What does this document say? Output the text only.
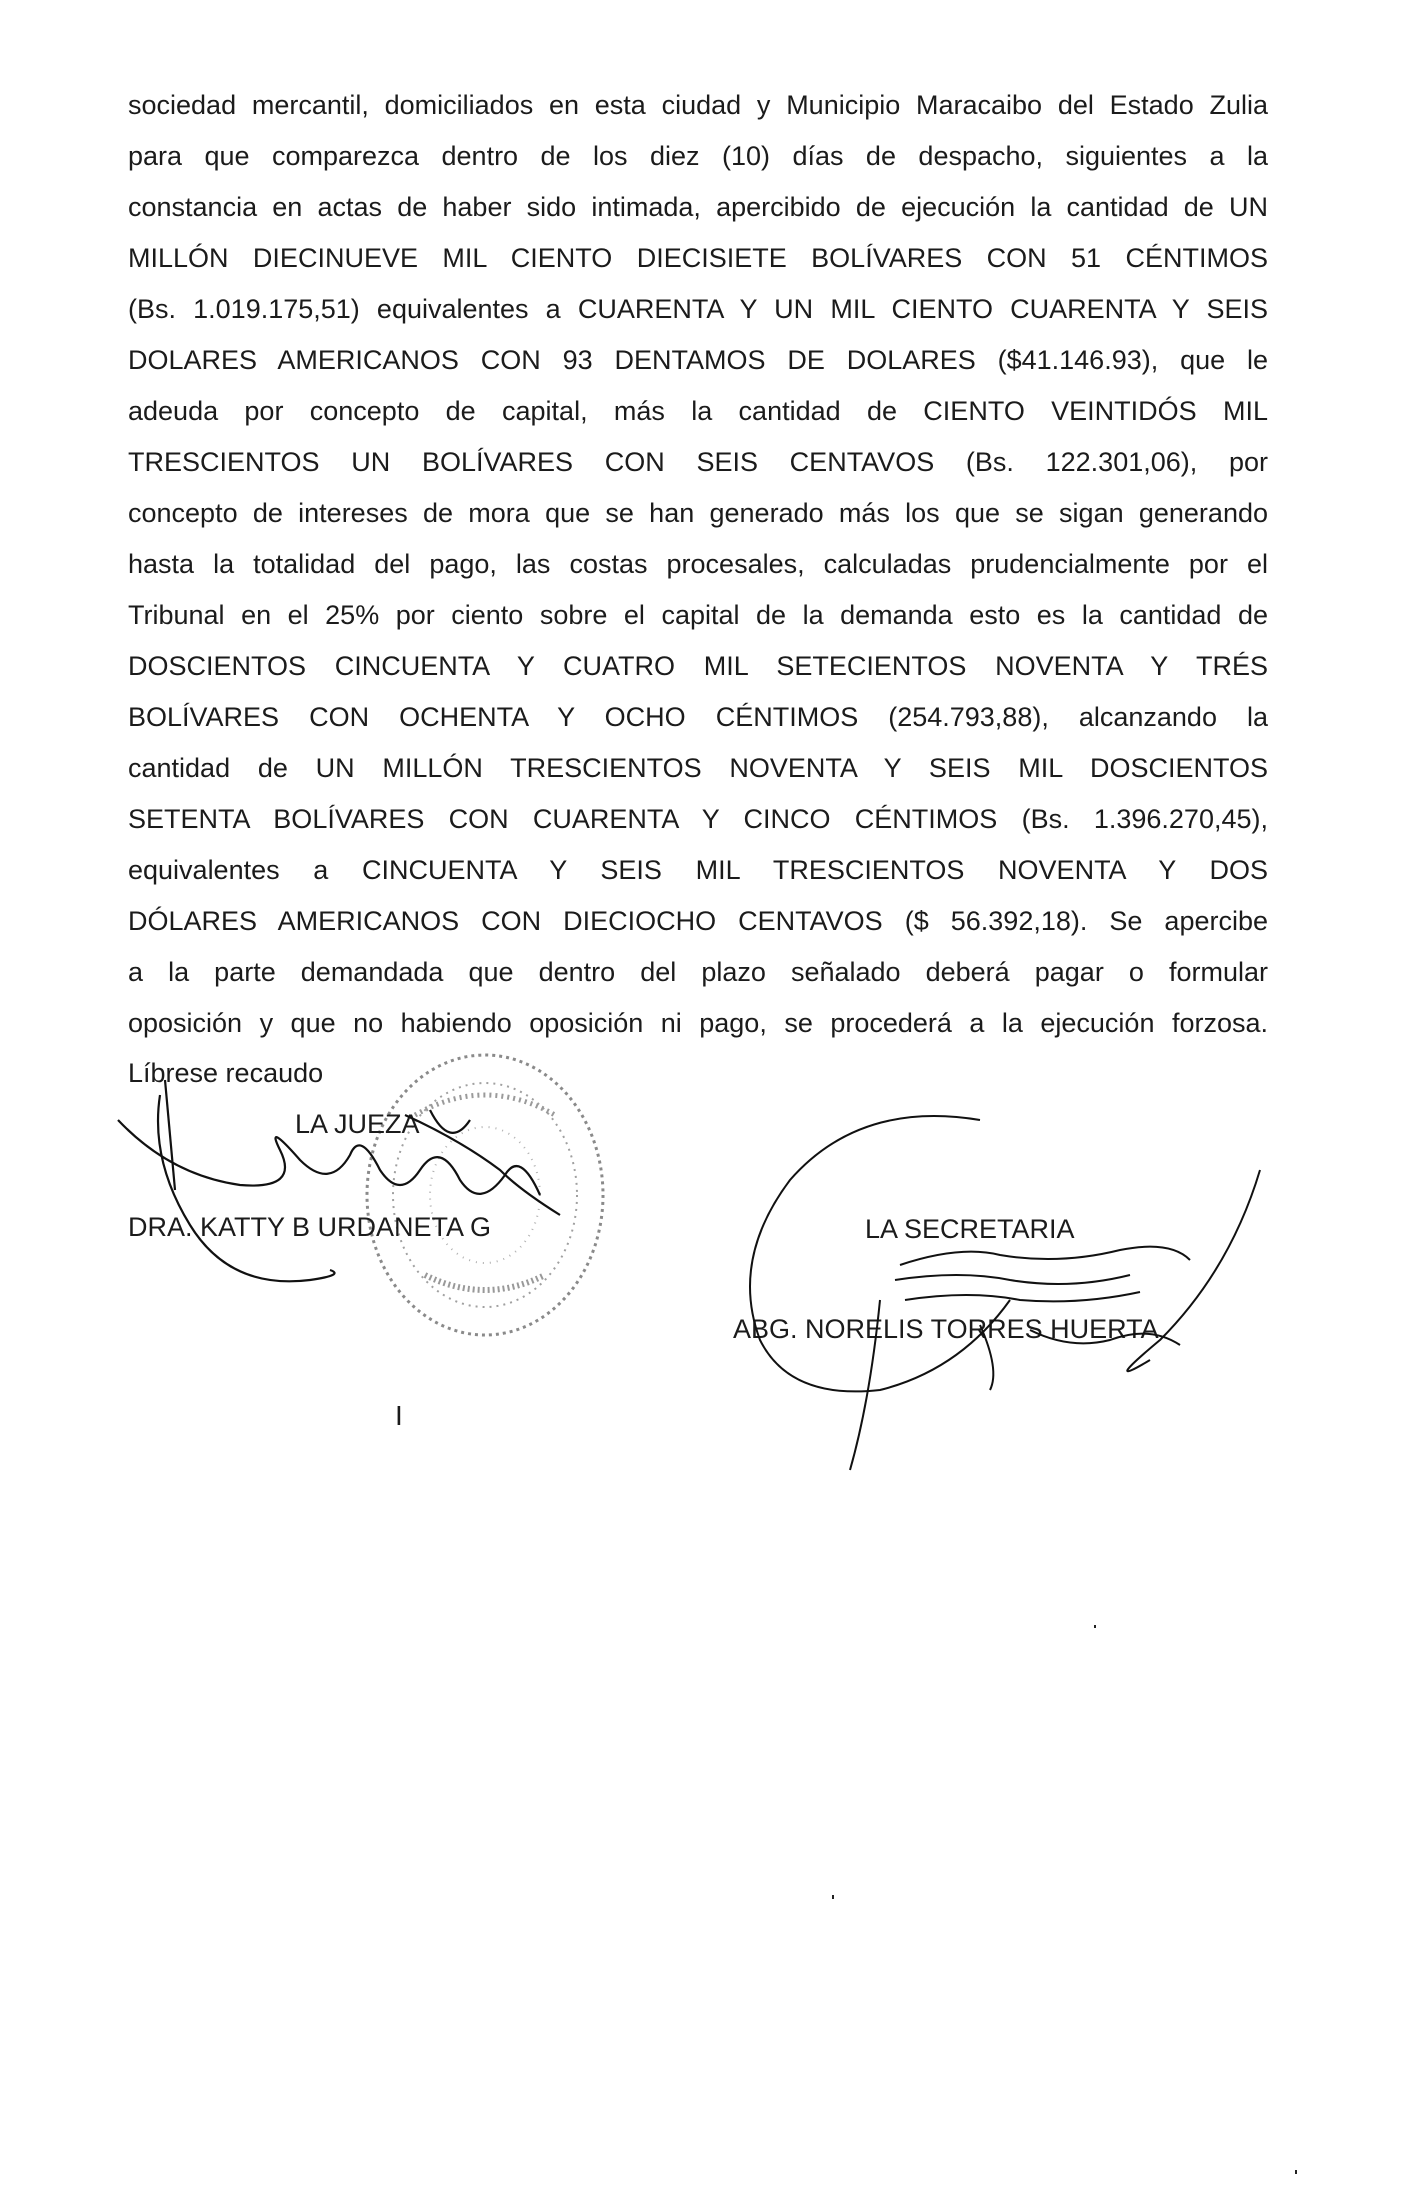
sociedad mercantil, domiciliados en esta ciudad y Municipio Maracaibo del Estado Zulia
para que comparezca dentro de los diez (10) días de despacho, siguientes a la
constancia en actas de haber sido intimada, apercibido de ejecución la cantidad de UN
MILLÓN DIECINUEVE MIL CIENTO DIECISIETE BOLÍVARES CON 51 CÉNTIMOS
(Bs. 1.019.175,51) equivalentes a CUARENTA Y UN MIL CIENTO CUARENTA Y SEIS
DOLARES AMERICANOS CON 93 DENTAMOS DE DOLARES ($41.146.93), que le
adeuda por concepto de capital, más la cantidad de CIENTO VEINTIDÓS MIL
TRESCIENTOS UN BOLÍVARES CON SEIS CENTAVOS (Bs. 122.301,06), por
concepto de intereses de mora que se han generado más los que se sigan generando
hasta la totalidad del pago, las costas procesales, calculadas prudencialmente por el
Tribunal en el 25% por ciento sobre el capital de la demanda esto es la cantidad de
DOSCIENTOS CINCUENTA Y CUATRO MIL SETECIENTOS NOVENTA Y TRÉS
BOLÍVARES CON OCHENTA Y OCHO CÉNTIMOS (254.793,88), alcanzando la
cantidad de UN MILLÓN TRESCIENTOS NOVENTA Y SEIS MIL DOSCIENTOS
SETENTA BOLÍVARES CON CUARENTA Y CINCO CÉNTIMOS (Bs. 1.396.270,45),
equivalentes a CINCUENTA Y SEIS MIL TRESCIENTOS NOVENTA Y DOS
DÓLARES AMERICANOS CON DIECIOCHO CENTAVOS ($ 56.392,18). Se apercibe
a la parte demandada que dentro del plazo señalado deberá pagar o formular
oposición y que no habiendo oposición ni pago, se procederá a la ejecución forzosa.
Líbrese recaudo
LA JUEZA
DRA. KATTY B URDANETA G	LA SECRETARIA
ABG. NORELIS TORRES HUERTA
I
